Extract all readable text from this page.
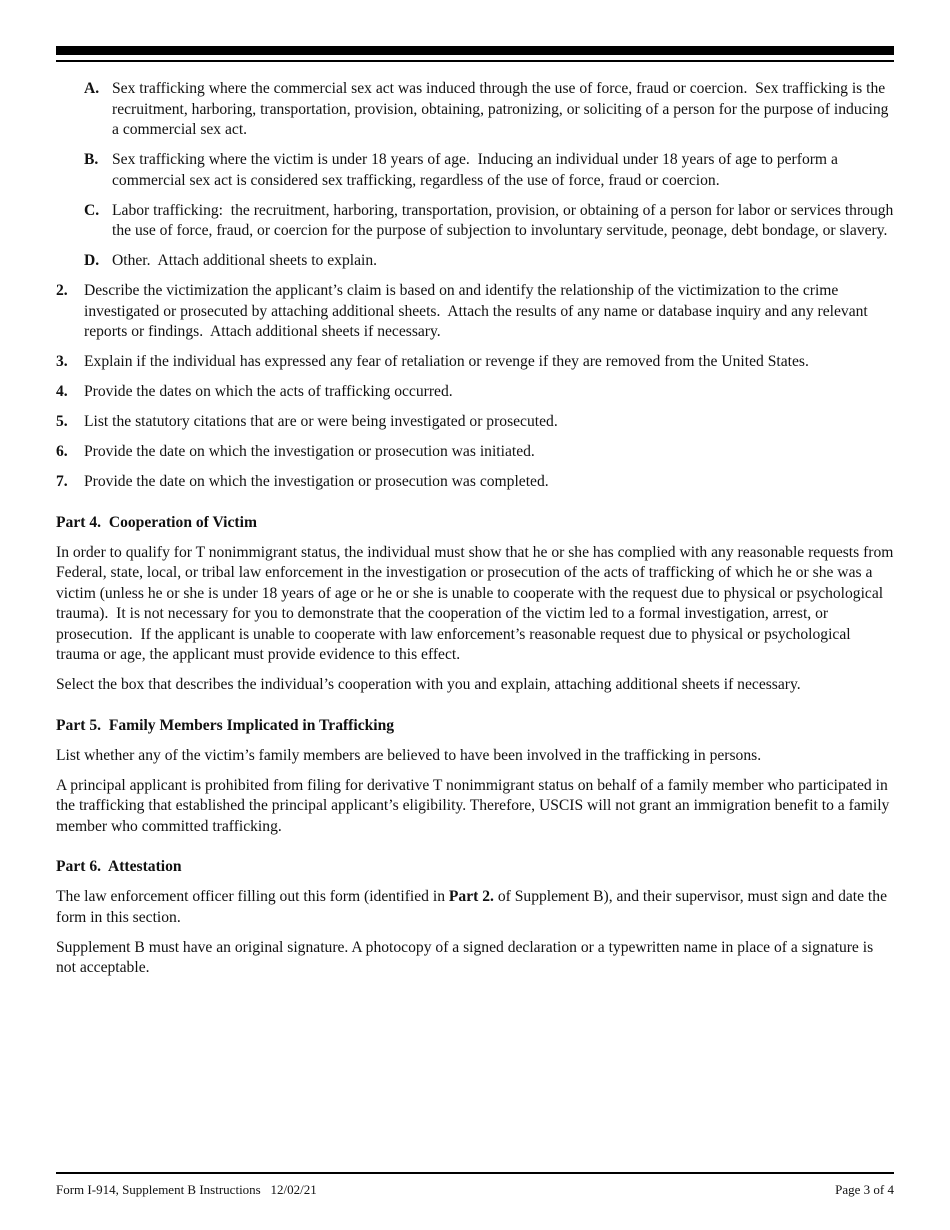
A. Sex trafficking where the commercial sex act was induced through the use of force, fraud or coercion.  Sex trafficking is the recruitment, harboring, transportation, provision, obtaining, patronizing, or soliciting of a person for the purpose of inducing a commercial sex act.
B. Sex trafficking where the victim is under 18 years of age.  Inducing an individual under 18 years of age to perform a commercial sex act is considered sex trafficking, regardless of the use of force, fraud or coercion.
C. Labor trafficking:  the recruitment, harboring, transportation, provision, or obtaining of a person for labor or services through the use of force, fraud, or coercion for the purpose of subjection to involuntary servitude, peonage, debt bondage, or slavery.
D. Other.  Attach additional sheets to explain.
2. Describe the victimization the applicant’s claim is based on and identify the relationship of the victimization to the crime investigated or prosecuted by attaching additional sheets.  Attach the results of any name or database inquiry and any relevant reports or findings.  Attach additional sheets if necessary.
3. Explain if the individual has expressed any fear of retaliation or revenge if they are removed from the United States.
4. Provide the dates on which the acts of trafficking occurred.
5. List the statutory citations that are or were being investigated or prosecuted.
6. Provide the date on which the investigation or prosecution was initiated.
7. Provide the date on which the investigation or prosecution was completed.
Part 4.  Cooperation of Victim

In order to qualify for T nonimmigrant status, the individual must show that he or she has complied with any reasonable requests from Federal, state, local, or tribal law enforcement in the investigation or prosecution of the acts of trafficking of which he or she was a victim (unless he or she is under 18 years of age or he or she is unable to cooperate with the request due to physical or psychological trauma).  It is not necessary for you to demonstrate that the cooperation of the victim led to a formal investigation, arrest, or prosecution.  If the applicant is unable to cooperate with law enforcement’s reasonable request due to physical or psychological trauma or age, the applicant must provide evidence to this effect.

Select the box that describes the individual’s cooperation with you and explain, attaching additional sheets if necessary.

Part 5.  Family Members Implicated in Trafficking

List whether any of the victim’s family members are believed to have been involved in the trafficking in persons.

A principal applicant is prohibited from filing for derivative T nonimmigrant status on behalf of a family member who participated in the trafficking that established the principal applicant’s eligibility. Therefore, USCIS will not grant an immigration benefit to a family member who committed trafficking.

Part 6.  Attestation

The law enforcement officer filling out this form (identified in Part 2. of Supplement B), and their supervisor, must sign and date the form in this section.

Supplement B must have an original signature. A photocopy of a signed declaration or a typewritten name in place of a signature is not acceptable.

Form I-914, Supplement B Instructions   12/02/21	Page 3 of 4
